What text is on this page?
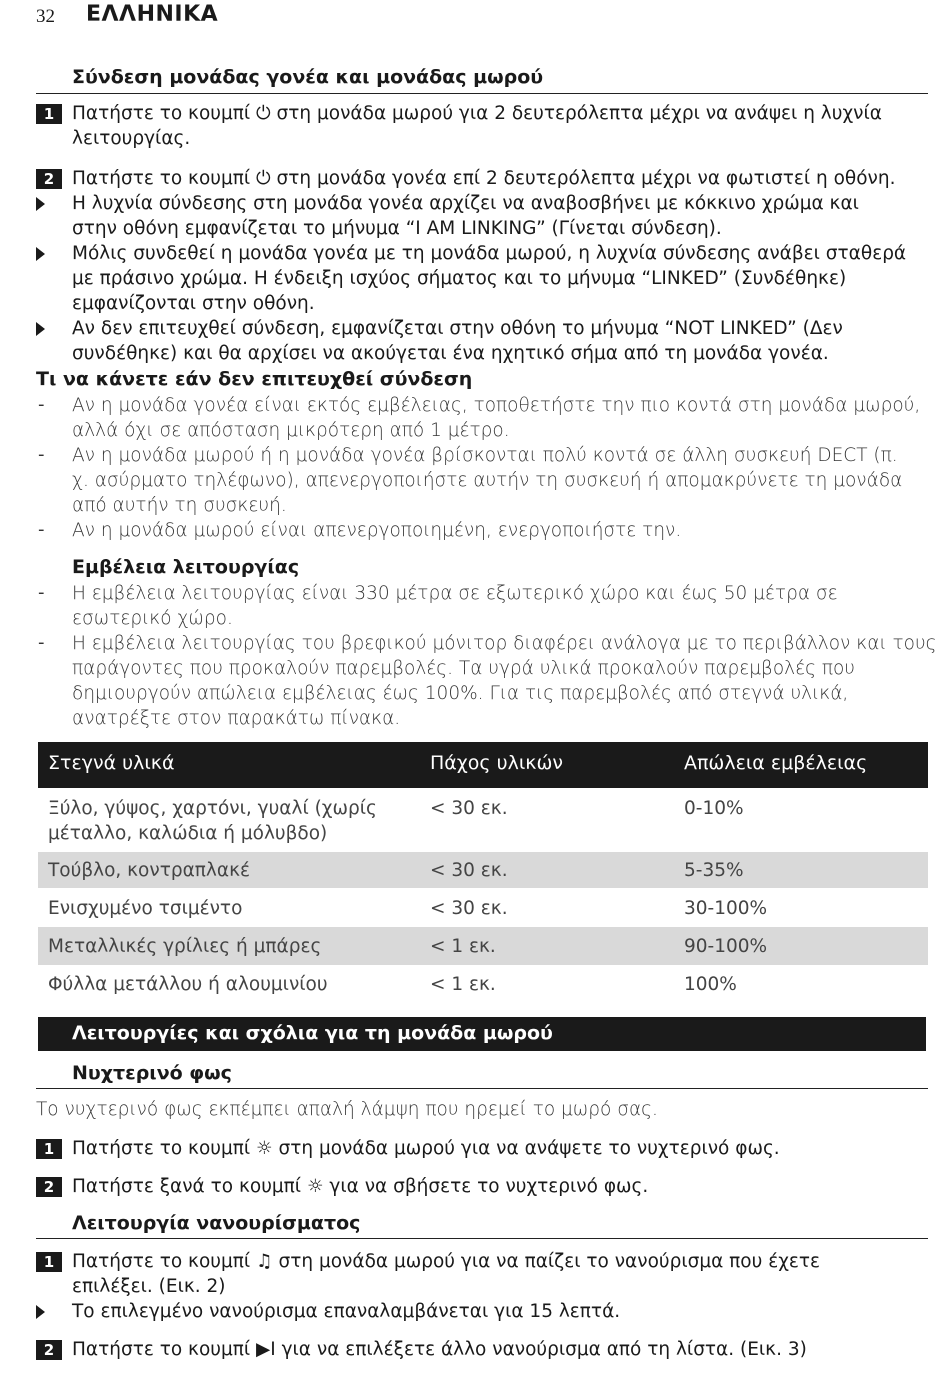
32 ΕΛΛΗΝΙΚΑ
Σύνδεση μονάδας γονέα και μονάδας μωρού
1 Πατήστε το κουμπί ⏻ στη μονάδα μωρού για 2 δευτερόλεπτα μέχρι να ανάψει η λυχνία
λειτουργίας.
2 Πατήστε το κουμπί ⏻ στη μονάδα γονέα επί 2 δευτερόλεπτα μέχρι να φωτιστεί η οθόνη.
Η λυχνία σύνδεσης στη μονάδα γονέα αρχίζει να αναβοσβήνει με κόκκινο χρώμα και
στην οθόνη εμφανίζεται το μήνυμα “I AM LINKING” (Γίνεται σύνδεση).
Μόλις συνδεθεί η μονάδα γονέα με τη μονάδα μωρού, η λυχνία σύνδεσης ανάβει σταθερά
με πράσινο χρώμα. Η ένδειξη ισχύος σήματος και το μήνυμα “LINKED” (Συνδέθηκε)
εμφανίζονται στην οθόνη.
Αν δεν επιτευχθεί σύνδεση, εμφανίζεται στην οθόνη το μήνυμα “NOT LINKED” (Δεν
συνδέθηκε) και θα αρχίσει να ακούγεται ένα ηχητικό σήμα από τη μονάδα γονέα.
Τι να κάνετε εάν δεν επιτευχθεί σύνδεση
- Αν η μονάδα γονέα είναι εκτός εμβέλειας, τοποθετήστε την πιο κοντά στη μονάδα μωρού,
αλλά όχι σε απόσταση μικρότερη από 1 μέτρο.
- Αν η μονάδα μωρού ή η μονάδα γονέα βρίσκονται πολύ κοντά σε άλλη συσκευή DECT (π.
χ. ασύρματο τηλέφωνο), απενεργοποιήστε αυτήν τη συσκευή ή απομακρύνετε τη μονάδα
από αυτήν τη συσκευή.
- Αν η μονάδα μωρού είναι απενεργοποιημένη, ενεργοποιήστε την.
Εμβέλεια λειτουργίας
- Η εμβέλεια λειτουργίας είναι 330 μέτρα σε εξωτερικό χώρο και έως 50 μέτρα σε
εσωτερικό χώρο.
- Η εμβέλεια λειτουργίας του βρεφικού μόνιτορ διαφέρει ανάλογα με το περιβάλλον και τους
παράγοντες που προκαλούν παρεμβολές. Τα υγρά υλικά προκαλούν παρεμβολές που
δημιουργούν απώλεια εμβέλειας έως 100%. Για τις παρεμβολές από στεγνά υλικά,
ανατρέξτε στον παρακάτω πίνακα.
Στεγνά υλικά	Πάχος υλικών	Απώλεια εμβέλειας
Ξύλο, γύψος, χαρτόνι, γυαλί (χωρίς
μέταλλο, καλώδια ή μόλυβδο)
< 30 εκ.	0-10%
Τούβλο, κοντραπλακέ	< 30 εκ.	5-35%
Ενισχυμένο τσιμέντο	< 30 εκ.	30-100%
Μεταλλικές γρίλιες ή μπάρες	< 1 εκ.	90-100%
Φύλλα μετάλλου ή αλουμινίου	< 1 εκ.	100%
Λειτουργίες και σχόλια για τη μονάδα μωρού
Νυχτερινό φως
Το νυχτερινό φως εκπέμπει απαλή λάμψη που ηρεμεί το μωρό σας.
1 Πατήστε το κουμπί ☼ στη μονάδα μωρού για να ανάψετε το νυχτερινό φως.
2 Πατήστε ξανά το κουμπί ☼ για να σβήσετε το νυχτερινό φως.
Λειτουργία νανουρίσματος
1 Πατήστε το κουμπί ♫ στη μονάδα μωρού για να παίζει το νανούρισμα που έχετε
επιλέξει. (Εικ. 2)
Το επιλεγμένο νανούρισμα επαναλαμβάνεται για 15 λεπτά.
2 Πατήστε το κουμπί ▶I για να επιλέξετε άλλο νανούρισμα από τη λίστα. (Εικ. 3)
